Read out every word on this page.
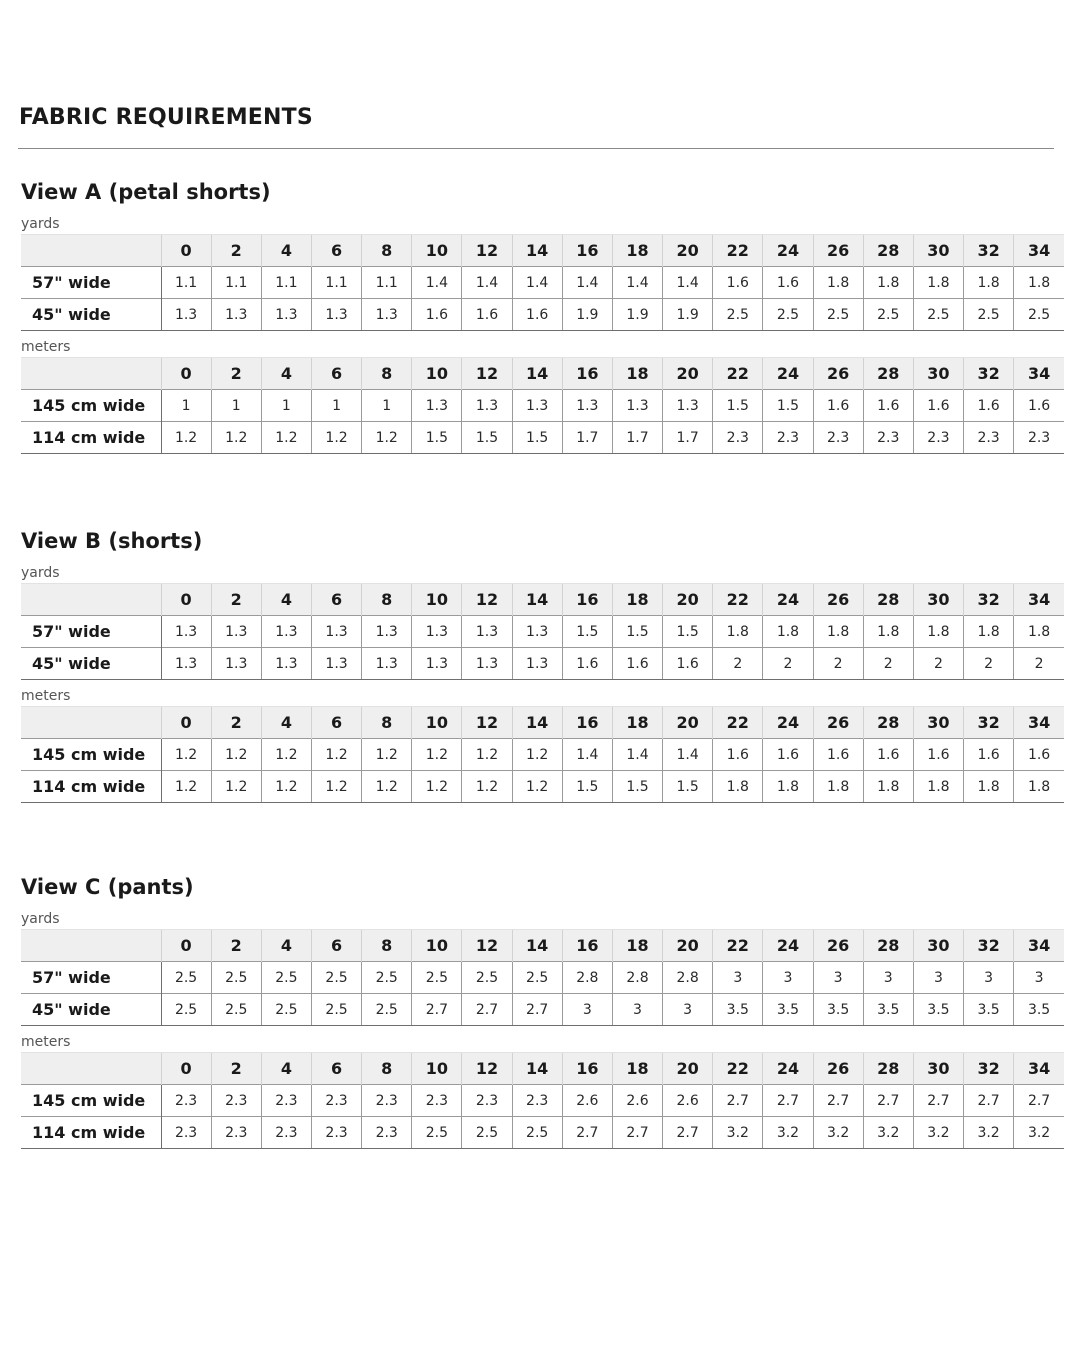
FABRIC REQUIREMENTS
View A (petal shorts)
yards
	0	2	4	6	8	10	12	14	16	18	20	22	24	26	28	30	32	34
57" wide	1.1	1.1	1.1	1.1	1.1	1.4	1.4	1.4	1.4	1.4	1.4	1.6	1.6	1.8	1.8	1.8	1.8	1.8
45" wide	1.3	1.3	1.3	1.3	1.3	1.6	1.6	1.6	1.9	1.9	1.9	2.5	2.5	2.5	2.5	2.5	2.5	2.5
meters
	0	2	4	6	8	10	12	14	16	18	20	22	24	26	28	30	32	34
145 cm wide	1	1	1	1	1	1.3	1.3	1.3	1.3	1.3	1.3	1.5	1.5	1.6	1.6	1.6	1.6	1.6
114 cm wide	1.2	1.2	1.2	1.2	1.2	1.5	1.5	1.5	1.7	1.7	1.7	2.3	2.3	2.3	2.3	2.3	2.3	2.3
View B (shorts)
yards
	0	2	4	6	8	10	12	14	16	18	20	22	24	26	28	30	32	34
57" wide	1.3	1.3	1.3	1.3	1.3	1.3	1.3	1.3	1.5	1.5	1.5	1.8	1.8	1.8	1.8	1.8	1.8	1.8
45" wide	1.3	1.3	1.3	1.3	1.3	1.3	1.3	1.3	1.6	1.6	1.6	2	2	2	2	2	2	2
meters
	0	2	4	6	8	10	12	14	16	18	20	22	24	26	28	30	32	34
145 cm wide	1.2	1.2	1.2	1.2	1.2	1.2	1.2	1.2	1.4	1.4	1.4	1.6	1.6	1.6	1.6	1.6	1.6	1.6
114 cm wide	1.2	1.2	1.2	1.2	1.2	1.2	1.2	1.2	1.5	1.5	1.5	1.8	1.8	1.8	1.8	1.8	1.8	1.8
View C (pants)
yards
	0	2	4	6	8	10	12	14	16	18	20	22	24	26	28	30	32	34
57" wide	2.5	2.5	2.5	2.5	2.5	2.5	2.5	2.5	2.8	2.8	2.8	3	3	3	3	3	3	3
45" wide	2.5	2.5	2.5	2.5	2.5	2.7	2.7	2.7	3	3	3	3.5	3.5	3.5	3.5	3.5	3.5	3.5
meters
	0	2	4	6	8	10	12	14	16	18	20	22	24	26	28	30	32	34
145 cm wide	2.3	2.3	2.3	2.3	2.3	2.3	2.3	2.3	2.6	2.6	2.6	2.7	2.7	2.7	2.7	2.7	2.7	2.7
114 cm wide	2.3	2.3	2.3	2.3	2.3	2.5	2.5	2.5	2.7	2.7	2.7	3.2	3.2	3.2	3.2	3.2	3.2	3.2
